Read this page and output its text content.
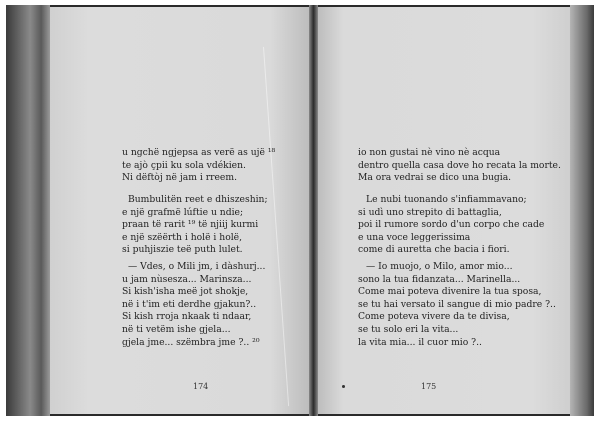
u ngchë ngjepsa as verë as ujë ¹⁸
te ajò çpii ku sola vdékien.
Ni dëftòj në jam i rreem.
Bumbulitën reet e dhiszeshin;
e një grafmë lúftie u ndie;
praan të rarit ¹⁹ të njiij kurmi
e një szëërth i holë i holë,
si puhjiszie teë puth lulet.
— Vdes, o Mili jm, i dàshurj...
u jam nùseszа... Marinsza...
Si kish'isha meë jot shokje,
në i t'im eti derdhe gjakun?..
Si kish rroja nkaak ti ndaar,
në ti vetëm ishe gjela...
gjela jme... szëmbra jme ?.. ²⁰
174
io non gustai nè vino nè acqua
dentro quella casa dove ho recata la morte.
Ma ora vedrai se dico una bugia.
Le nubi tuonando s'infiammavano;
si udì uno strepito di battaglia,
poi il rumore sordo d'un corpo che cade
e una voce leggerissima
come di auretta che bacia i fiori.
— Io muojo, o Milo, amor mio...
sono la tua fidanzata... Marinella...
Come mai poteva divenire la tua sposa,
se tu hai versato il sangue di mio padre ?..
Come poteva vivere da te divisa,
se tu solo eri la vita...
la vita mia... il cuor mio ?..
175
